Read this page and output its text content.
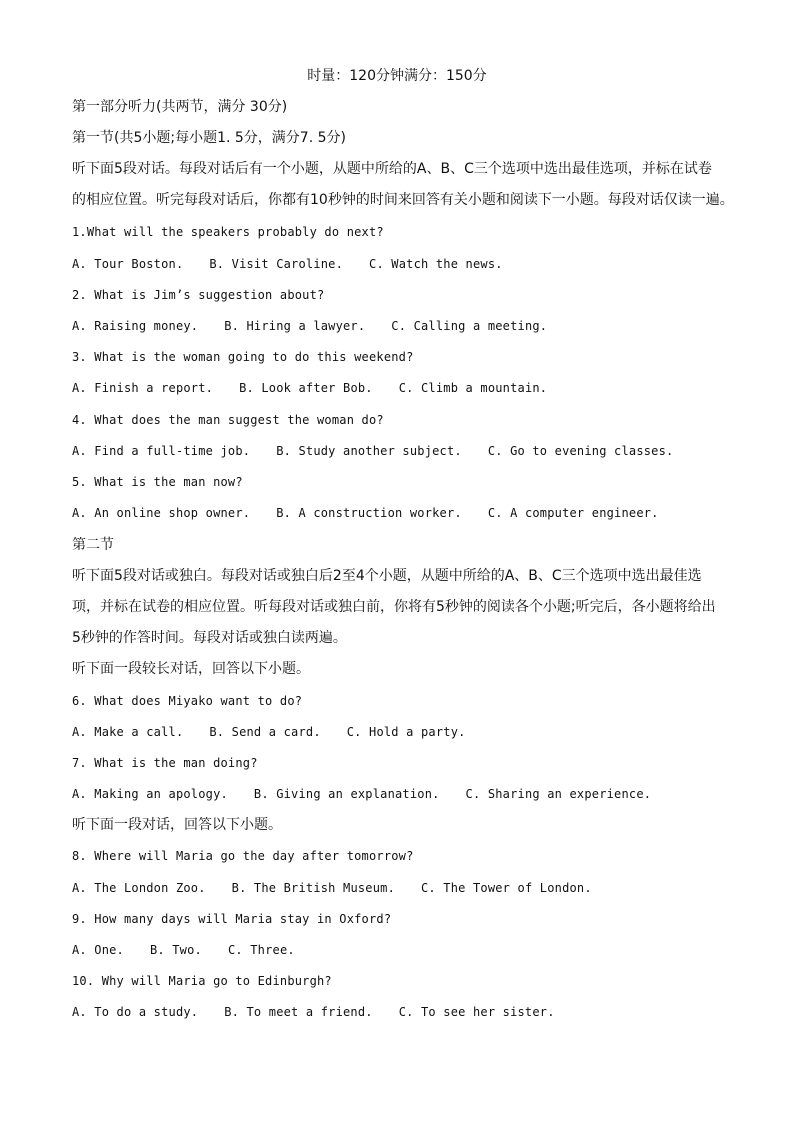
时量：120分钟满分：150分
第一部分听力(共两节，满分 30分)
第一节(共5小题;每小题1. 5分，满分7. 5分)
听下面5段对话。每段对话后有一个小题，从题中所给的A、B、C三个选项中选出最佳选项，并标在试卷
的相应位置。听完每段对话后，你都有10秒钟的时间来回答有关小题和阅读下一小题。每段对话仅读一遍。
1.What will the speakers probably do next?
A. Tour Boston. B. Visit Caroline. C. Watch the news.
2. What is Jim’s suggestion about?
A. Raising money. B. Hiring a lawyer. C. Calling a meeting.
3. What is the woman going to do this weekend?
A. Finish a report. B. Look after Bob. C. Climb a mountain.
4. What does the man suggest the woman do?
A. Find a full-time job. B. Study another subject. C. Go to evening classes.
5. What is the man now?
A. An online shop owner. B. A construction worker. C. A computer engineer.
第二节
听下面5段对话或独白。每段对话或独白后2至4个小题，从题中所给的A、B、C三个选项中选出最佳选
项，并标在试卷的相应位置。听每段对话或独白前，你将有5秒钟的阅读各个小题;听完后，各小题将给出
5秒钟的作答时间。每段对话或独白读两遍。
听下面一段较长对话，回答以下小题。
6. What does Miyako want to do?
A. Make a call. B. Send a card. C. Hold a party.
7. What is the man doing?
A. Making an apology. B. Giving an explanation. C. Sharing an experience.
听下面一段对话，回答以下小题。
8. Where will Maria go the day after tomorrow?
A. The London Zoo. B. The British Museum. C. The Tower of London.
9. How many days will Maria stay in Oxford?
A. One. B. Two. C. Three.
10. Why will Maria go to Edinburgh?
A. To do a study. B. To meet a friend. C. To see her sister.
